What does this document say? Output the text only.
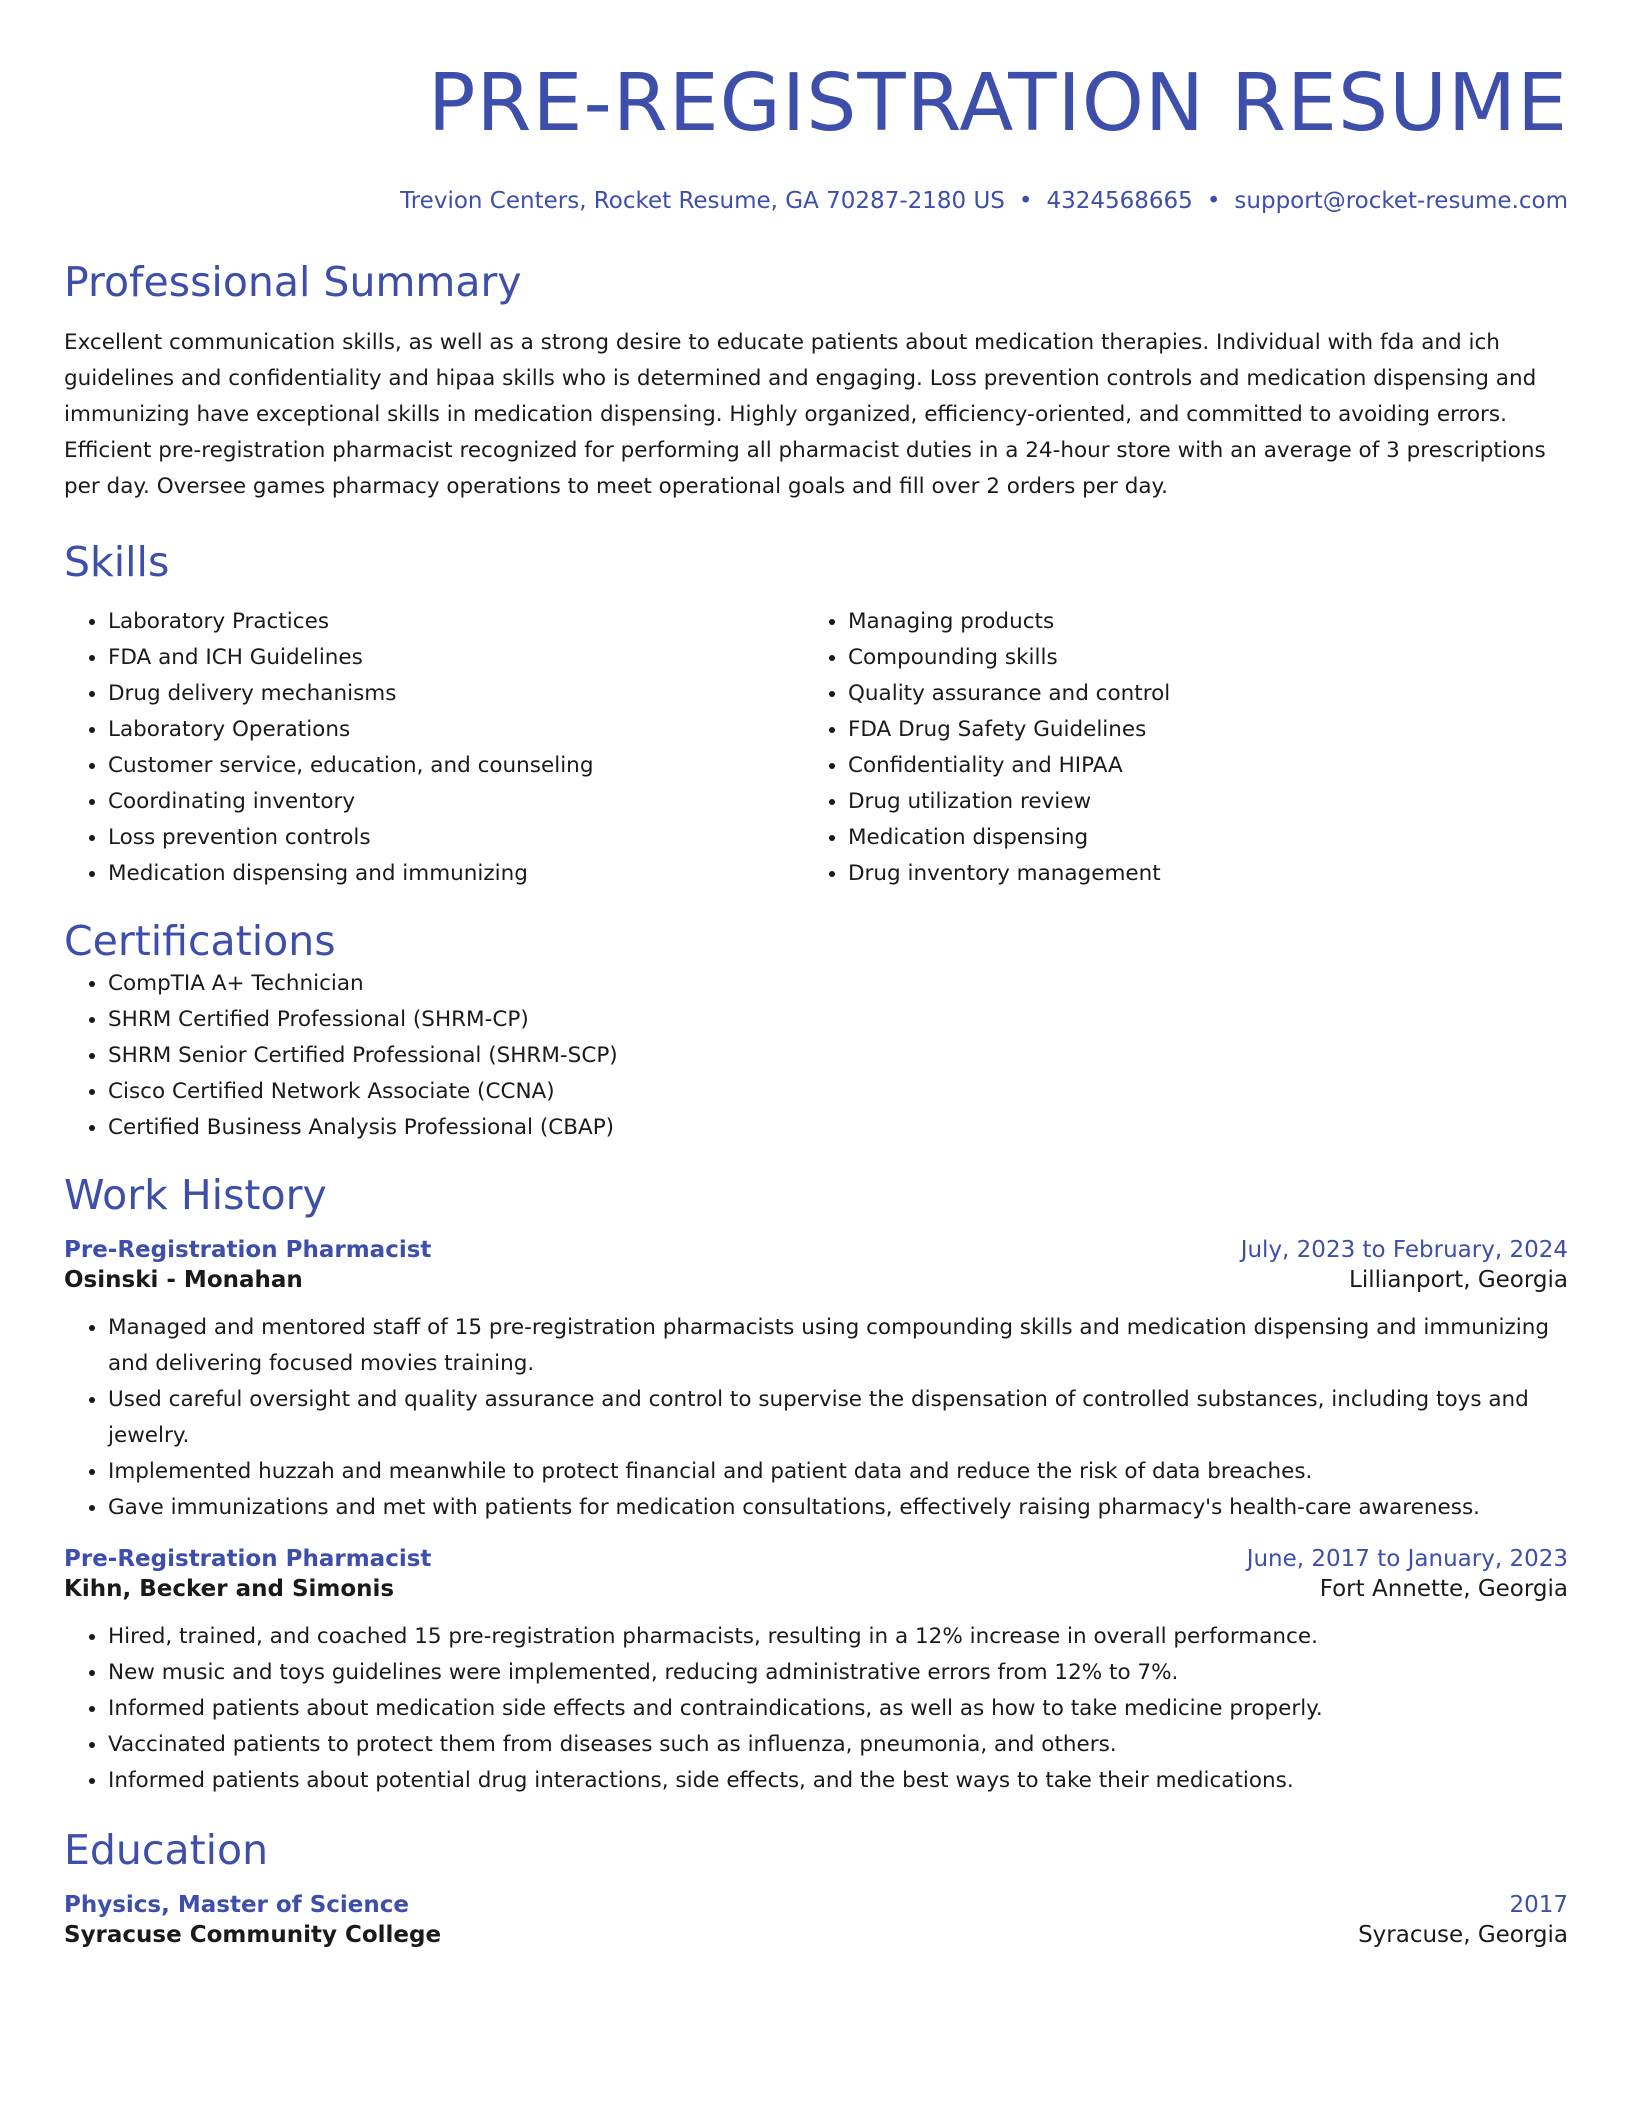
PRE-REGISTRATION RESUME
Trevion Centers, Rocket Resume, GA 70287-2180 US • 4324568665 • support@rocket-resume.com
Professional Summary

Excellent communication skills, as well as a strong desire to educate patients about medication therapies. Individual with fda and ich guidelines and confidentiality and hipaa skills who is determined and engaging. Loss prevention controls and medication dispensing and immunizing have exceptional skills in medication dispensing. Highly organized, efficiency-oriented, and committed to avoiding errors. Efficient pre-registration pharmacist recognized for performing all pharmacist duties in a 24-hour store with an average of 3 prescriptions per day. Oversee games pharmacy operations to meet operational goals and fill over 2 orders per day.

Skills
• Laboratory Practices
• FDA and ICH Guidelines
• Drug delivery mechanisms
• Laboratory Operations
• Customer service, education, and counseling
• Coordinating inventory
• Loss prevention controls
• Medication dispensing and immunizing
• Managing products
• Compounding skills
• Quality assurance and control
• FDA Drug Safety Guidelines
• Confidentiality and HIPAA
• Drug utilization review
• Medication dispensing
• Drug inventory management
Certifications
• CompTIA A+ Technician
• SHRM Certified Professional (SHRM-CP)
• SHRM Senior Certified Professional (SHRM-SCP)
• Cisco Certified Network Associate (CCNA)
• Certified Business Analysis Professional (CBAP)
Work History
Pre-Registration Pharmacist	July, 2023 to February, 2024
Osinski - Monahan	Lillianport, Georgia
• Managed and mentored staff of 15 pre-registration pharmacists using compounding skills and medication dispensing and immunizing and delivering focused movies training.
• Used careful oversight and quality assurance and control to supervise the dispensation of controlled substances, including toys and jewelry.
• Implemented huzzah and meanwhile to protect financial and patient data and reduce the risk of data breaches.
• Gave immunizations and met with patients for medication consultations, effectively raising pharmacy's health-care awareness.
Pre-Registration Pharmacist	June, 2017 to January, 2023
Kihn, Becker and Simonis	Fort Annette, Georgia
• Hired, trained, and coached 15 pre-registration pharmacists, resulting in a 12% increase in overall performance.
• New music and toys guidelines were implemented, reducing administrative errors from 12% to 7%.
• Informed patients about medication side effects and contraindications, as well as how to take medicine properly.
• Vaccinated patients to protect them from diseases such as influenza, pneumonia, and others.
• Informed patients about potential drug interactions, side effects, and the best ways to take their medications.
Education
Physics, Master of Science	2017
Syracuse Community College	Syracuse, Georgia
